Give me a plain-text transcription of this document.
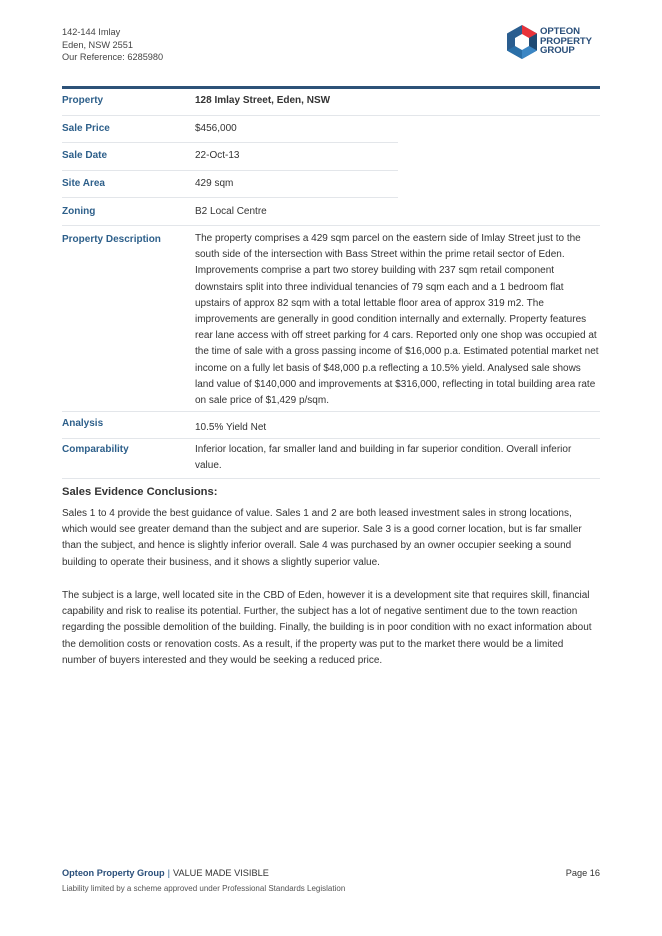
142-144 Imlay
Eden, NSW 2551
Our Reference: 6285980
OPTEON
PROPERTY
GROUP
Property	128 Imlay Street, Eden, NSW
Sale Price	$456,000
Sale Date	22-Oct-13
Site Area	429 sqm
Zoning	B2 Local Centre
Property Description	The property comprises a 429 sqm parcel on the eastern side of Imlay Street just to the south side of the intersection with Bass Street within the prime retail sector of Eden. Improvements comprise a part two storey building with 237 sqm retail component downstairs split into three individual tenancies of 79 sqm each and a 1 bedroom flat upstairs of approx 82 sqm with a total lettable floor area of approx 319 m2. The improvements are generally in good condition internally and externally. Property features rear lane access with off street parking for 4 cars. Reported only one shop was occupied at the time of sale with a gross passing income of $16,000 p.a. Estimated potential market net income on a fully let basis of $48,000 p.a reflecting a 10.5% yield. Analysed sale shows land value of $140,000 and improvements at $316,000, reflecting in total building area rate on sale price of $1,429 p/sqm.
Analysis	10.5% Yield Net
Comparability	Inferior location, far smaller land and building in far superior condition. Overall inferior value.
Sales Evidence Conclusions:
Sales 1 to 4 provide the best guidance of value. Sales 1 and 2 are both leased investment sales in strong locations, which would see greater demand than the subject and are superior. Sale 3 is a good corner location, but is far smaller than the subject, and hence is slightly inferior overall. Sale 4 was purchased by an owner occupier seeking a sound building to operate their business, and it shows a slightly superior value.
The subject is a large, well located site in the CBD of Eden, however it is a development site that requires skill, financial capability and risk to realise its potential. Further, the subject has a lot of negative sentiment due to the town reaction regarding the possible demolition of the building. Finally, the building is in poor condition with no exact information about the demolition costs or renovation costs. As a result, if the property was put to the market there would be a limited number of buyers interested and they would be seeking a reduced price.
Opteon Property Group | VALUE MADE VISIBLE	Page 16
Liability limited by a scheme approved under Professional Standards Legislation
